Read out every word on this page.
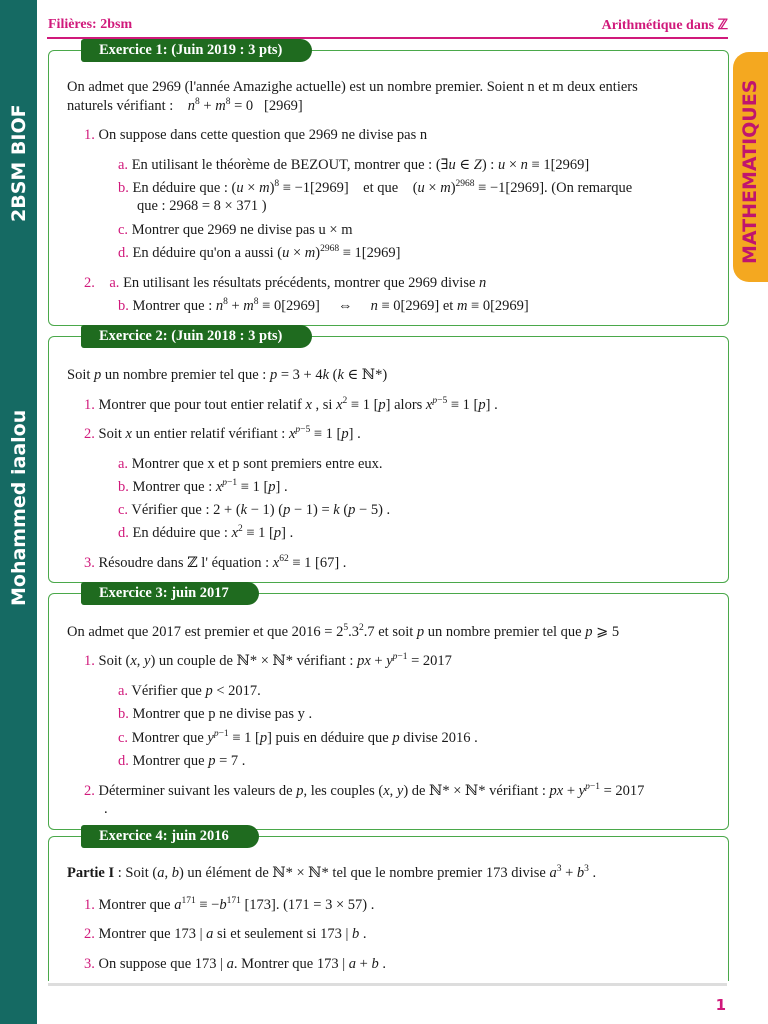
2BSM BIOF
Mohammed iaalou
Filières: 2bsm	Arithmétique dans ℤ
MATHEMATIQUES
Exercice 1: (Juin 2019 : 3 pts)
On admet que 2969 (l'année Amazighe actuelle) est un nombre premier. Soient n et m deux entiers
naturels vérifiant : $n^8 + m^8 = 0$   [2969]
1. On suppose dans cette question que 2969 ne divise pas n
a. En utilisant le théorème de BEZOUT, montrer que : (∃u ∈ Z) : u × n ≡ 1[2969]
b. En déduire que : $(u \times m)^8 \equiv -1[2969]$    et que    $(u \times m)^{2968} \equiv -1[2969]$. (On remarque
que : 2968 = 8 × 371 )
c. Montrer que 2969 ne divise pas u × m
d. En déduire qu'on a aussi $(u \times m)^{2968} \equiv 1[2969]$
2. a. En utilisant les résultats précédents, montrer que 2969 divise n
b. Montrer que : $n^8 + m^8 \equiv 0[2969]$     ⇔     n ≡ 0[2969] et m ≡ 0[2969]
Exercice 2: (Juin 2018 : 3 pts)
Soit p un nombre premier tel que : p = 3 + 4k (k ∈ ℕ*)
1. Montrer que pour tout entier relatif x , si $x^2 \equiv 1$ [p] alors $x^{p-5} \equiv 1$ [p] .
2. Soit x un entier relatif vérifiant : $x^{p-5} \equiv 1$ [p] .
a. Montrer que x et p sont premiers entre eux.
b. Montrer que : $x^{p-1} \equiv 1$ [p] .
c. Vérifier que : 2 + (k − 1) (p − 1) = k (p − 5) .
d. En déduire que : $x^2 \equiv 1$ [p] .
3. Résoudre dans ℤ l' équation : $x^{62} \equiv 1$ [67] .
Exercice 3: juin 2017
On admet que 2017 est premier et que $2016 = 2^5.3^2.7$ et soit p un nombre premier tel que p ⩾ 5
1. Soit (x, y) un couple de ℕ* × ℕ* vérifiant : px + $y^{p-1} = 2017$
a. Vérifier que p < 2017.
b. Montrer que p ne divise pas y .
c. Montrer que $y^{p-1} \equiv 1$ [p] puis en déduire que p divise 2016 .
d. Montrer que p = 7 .
2. Déterminer suivant les valeurs de p, les couples (x, y) de ℕ* × ℕ* vérifiant : px + $y^{p-1} = 2017$
.
Exercice 4: juin 2016
Partie I : Soit (a, b) un élément de ℕ* × ℕ* tel que le nombre premier 173 divise $a^3 + b^3$ .
1. Montrer que $a^{171} \equiv -b^{171}$ [173]. (171 = 3 × 57) .
2. Montrer que 173 | a si et seulement si 173 | b .
3. On suppose que 173 | a. Montrer que 173 | a + b .
1
